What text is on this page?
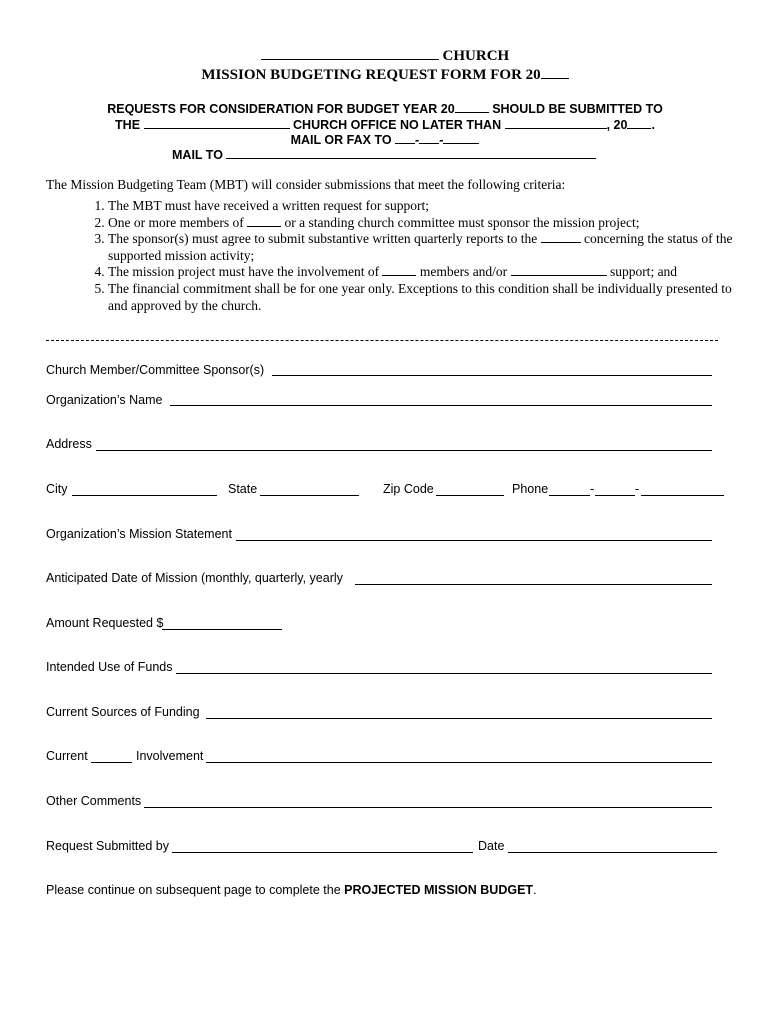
CHURCH
MISSION BUDGETING REQUEST FORM FOR 20
REQUESTS FOR CONSIDERATION FOR BUDGET YEAR 20	SHOULD BE SUBMITTED TO
THE	CHURCH OFFICE NO LATER THAN	, 20 .
MAIL OR FAX TO - -
MAIL TO
The Mission Budgeting Team (MBT) will consider submissions that meet the following criteria:
1. The MBT must have received a written request for support;
2. One or more members of	or a standing church committee must sponsor the mission project;
3. The sponsor(s) must agree to submit substantive written quarterly reports to the	concerning the status of the supported mission activity;
4. The mission project must have the involvement of	members and/or	support; and
5. The financial commitment shall be for one year only. Exceptions to this condition shall be individually presented to and approved by the church.
Church Member/Committee Sponsor(s)
Organization’s Name
Address
City	State	Zip Code	Phone	-	-
Organization’s Mission Statement
Anticipated Date of Mission (monthly, quarterly, yearly
Amount Requested $
Intended Use of Funds
Current Sources of Funding
Current	Involvement
Other Comments
Request Submitted by	Date
Please continue on subsequent page to complete the PROJECTED MISSION BUDGET.
